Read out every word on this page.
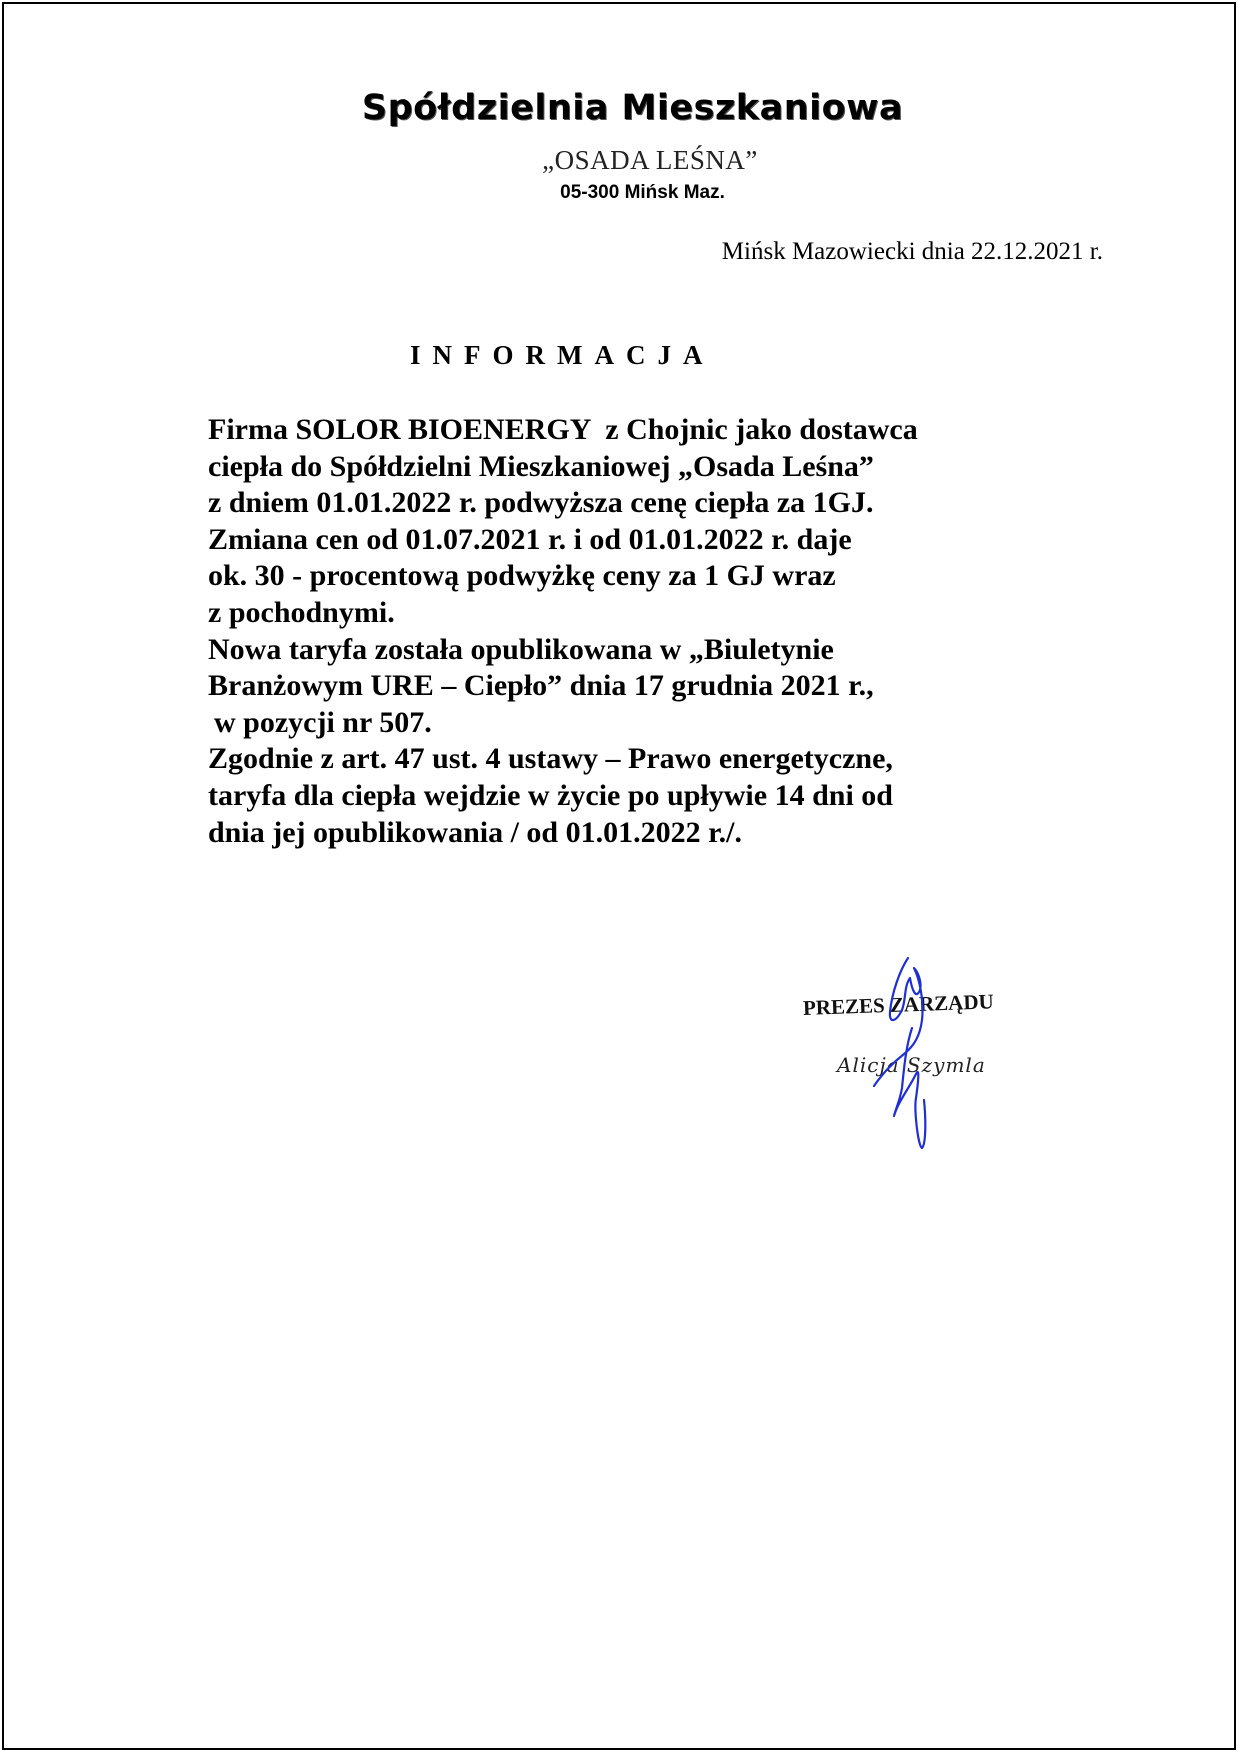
Spółdzielnia Mieszkaniowa
„OSADA LEŚNA”
05-300 Mińsk Maz.
Mińsk Mazowiecki dnia 22.12.2021 r.
INFORMACJA
Firma SOLOR BIOENERGY  z Chojnic jako dostawca
ciepła do Spółdzielni Mieszkaniowej „Osada Leśna”
z dniem 01.01.2022 r. podwyższa cenę ciepła za 1GJ.
Zmiana cen od 01.07.2021 r. i od 01.01.2022 r. daje
ok. 30 - procentową podwyżkę ceny za 1 GJ wraz
z pochodnymi.
Nowa taryfa została opublikowana w „Biuletynie
Branżowym URE – Ciepło” dnia 17 grudnia 2021 r.,
w pozycji nr 507.
Zgodnie z art. 47 ust. 4 ustawy – Prawo energetyczne,
taryfa dla ciepła wejdzie w życie po upływie 14 dni od
dnia jej opublikowania / od 01.01.2022 r./.
PREZES ZARZĄDU
Alicja Szymla
